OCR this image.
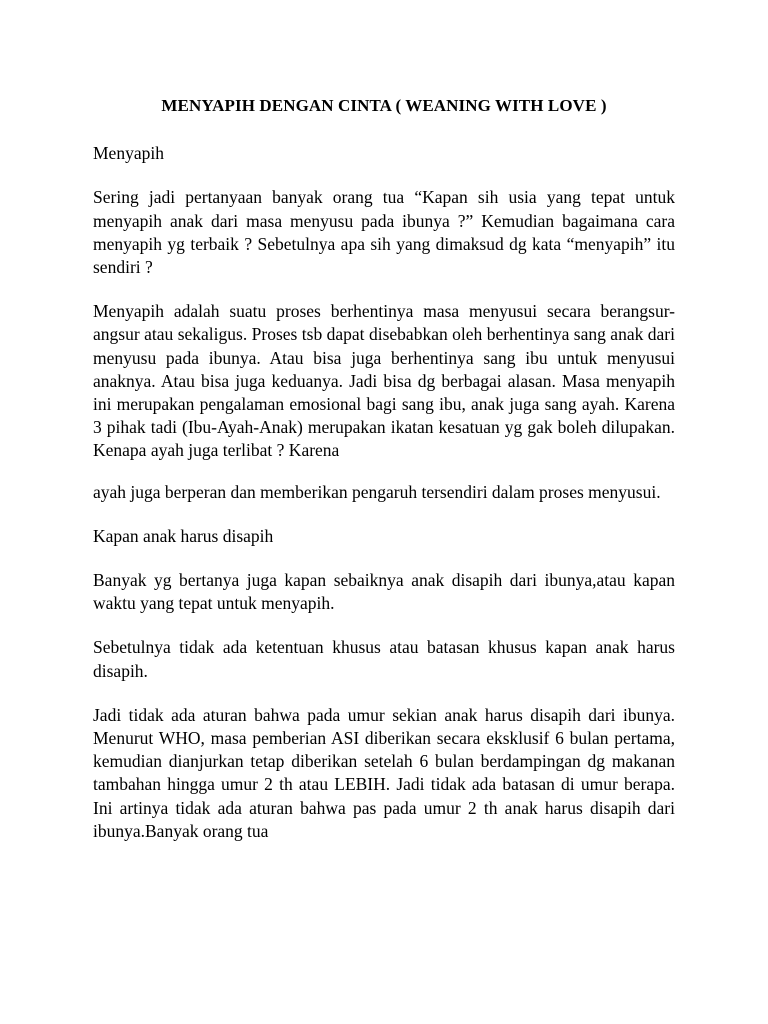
MENYAPIH DENGAN CINTA ( WEANING WITH LOVE )
Menyapih
Sering jadi pertanyaan banyak orang tua “Kapan sih usia yang tepat untuk menyapih anak dari masa menyusu pada ibunya ?” Kemudian bagaimana cara menyapih yg terbaik ? Sebetulnya apa sih yang dimaksud dg kata “menyapih” itu sendiri ?
Menyapih adalah suatu proses berhentinya masa menyusui secara berangsur-angsur atau sekaligus. Proses tsb dapat disebabkan oleh berhentinya sang anak dari menyusu pada ibunya. Atau bisa juga berhentinya sang ibu untuk menyusui anaknya. Atau bisa juga keduanya. Jadi bisa dg berbagai alasan. Masa menyapih ini merupakan pengalaman emosional bagi sang ibu, anak juga sang ayah. Karena 3 pihak tadi (Ibu-Ayah-Anak) merupakan ikatan kesatuan yg gak boleh dilupakan. Kenapa ayah juga terlibat ? Karena
ayah juga berperan dan memberikan pengaruh tersendiri dalam proses menyusui.
Kapan anak harus disapih
Banyak yg bertanya juga kapan sebaiknya anak disapih dari ibunya,atau kapan waktu yang tepat untuk menyapih.
Sebetulnya tidak ada ketentuan khusus atau batasan khusus kapan anak harus disapih.
Jadi tidak ada aturan bahwa pada umur sekian anak harus disapih dari ibunya. Menurut WHO, masa pemberian ASI diberikan secara eksklusif 6 bulan pertama, kemudian dianjurkan tetap diberikan setelah 6 bulan berdampingan dg makanan tambahan hingga umur 2 th atau LEBIH. Jadi tidak ada batasan di umur berapa. Ini artinya tidak ada aturan bahwa pas pada umur 2 th anak harus disapih dari ibunya.Banyak orang tua
